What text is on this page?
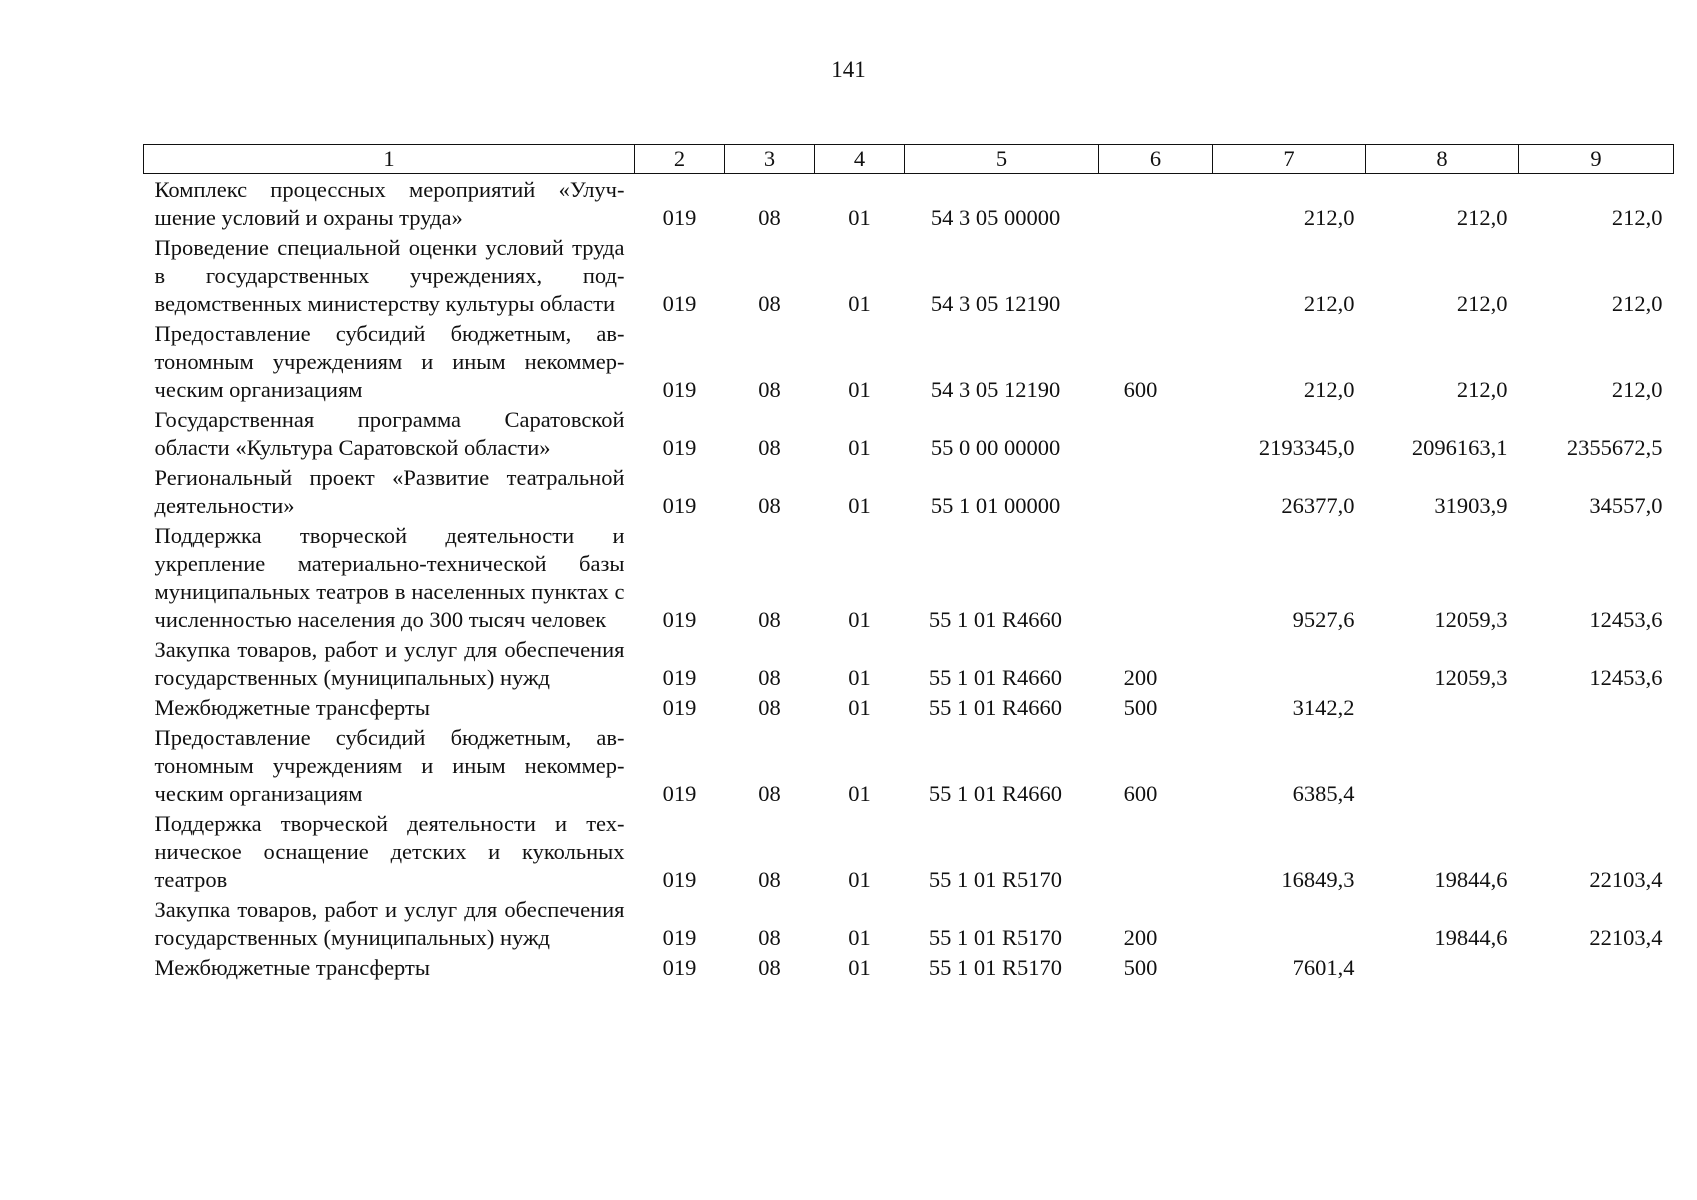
141
1	2	3	4	5	6	7	8	9
Комплекс процессных мероприятий «Улучшение условий и охраны труда»	019	08	01	54 3 05 00000		212,0	212,0	212,0
Проведение специальной оценки условий труда в государственных учреждениях, подведомственных министерству культуры области	019	08	01	54 3 05 12190		212,0	212,0	212,0
Предоставление субсидий бюджетным, автономным учреждениям и иным некоммерческим организациям	019	08	01	54 3 05 12190	600	212,0	212,0	212,0
Государственная программа Саратовской области «Культура Саратовской области»	019	08	01	55 0 00 00000		2193345,0	2096163,1	2355672,5
Региональный проект «Развитие театральной деятельности»	019	08	01	55 1 01 00000		26377,0	31903,9	34557,0
Поддержка творческой деятельности и укрепление материально-технической базы муниципальных театров в населенных пунктах с численностью населения до 300 тысяч человек	019	08	01	55 1 01 R4660		9527,6	12059,3	12453,6
Закупка товаров, работ и услуг для обеспечения государственных (муниципальных) нужд	019	08	01	55 1 01 R4660	200		12059,3	12453,6
Межбюджетные трансферты	019	08	01	55 1 01 R4660	500	3142,2		
Предоставление субсидий бюджетным, автономным учреждениям и иным некоммерческим организациям	019	08	01	55 1 01 R4660	600	6385,4		
Поддержка творческой деятельности и техническое оснащение детских и кукольных театров	019	08	01	55 1 01 R5170		16849,3	19844,6	22103,4
Закупка товаров, работ и услуг для обеспечения государственных (муниципальных) нужд	019	08	01	55 1 01 R5170	200		19844,6	22103,4
Межбюджетные трансферты	019	08	01	55 1 01 R5170	500	7601,4		
